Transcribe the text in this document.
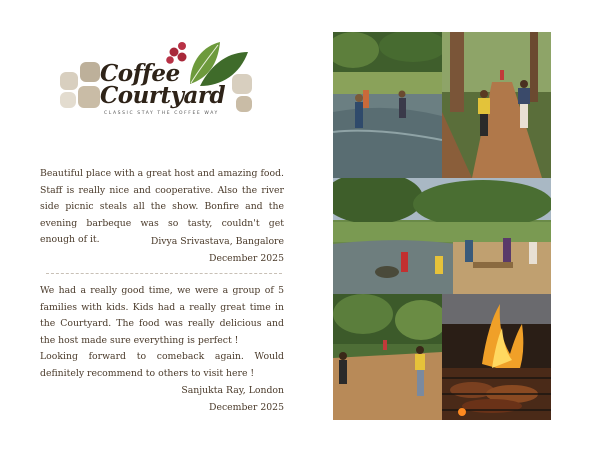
Coffee
Courtyard
CLASSIC STAY THE COFFEE WAY

Beautiful place with a great host and amazing food. Staff is really nice and cooperative. Also the river side picnic steals all the show. Bonfire and the evening barbeque was so tasty, couldn't get enough of it.	Divya Srivastava, Bangalore
December 2025

We had a really good time, we were a group of 5 families with kids. Kids had a really great time in the Courtyard. The food was really delicious and the host made sure everything is perfect !

Looking forward to comeback again. Would definitely recommend to others to visit here !

Sanjukta Ray, London
December 2025
